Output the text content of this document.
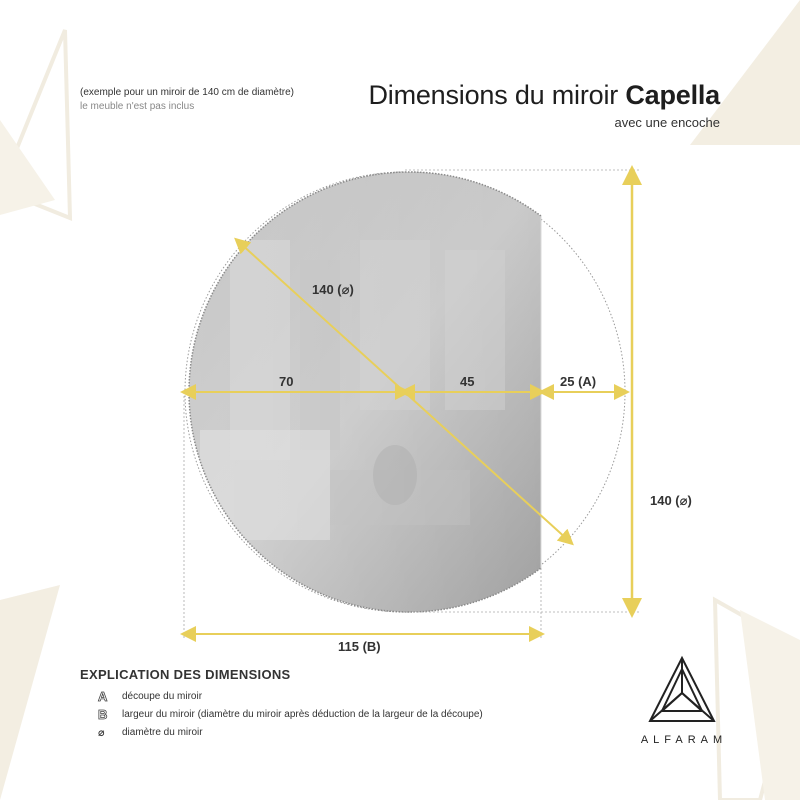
(exemple pour un miroir de 140 cm de diamètre)
le meuble n'est pas inclus	Dimensions du miroir Capella
avec une encoche
140 (⌀)
70	45	25 (A)
140 (⌀)
115 (B)
EXPLICATION DES DIMENSIONS
A	découpe du miroir
B	largeur du miroir (diamètre du miroir après déduction de la largeur de la découpe)
⌀	diamètre du miroir
ALFARAM
